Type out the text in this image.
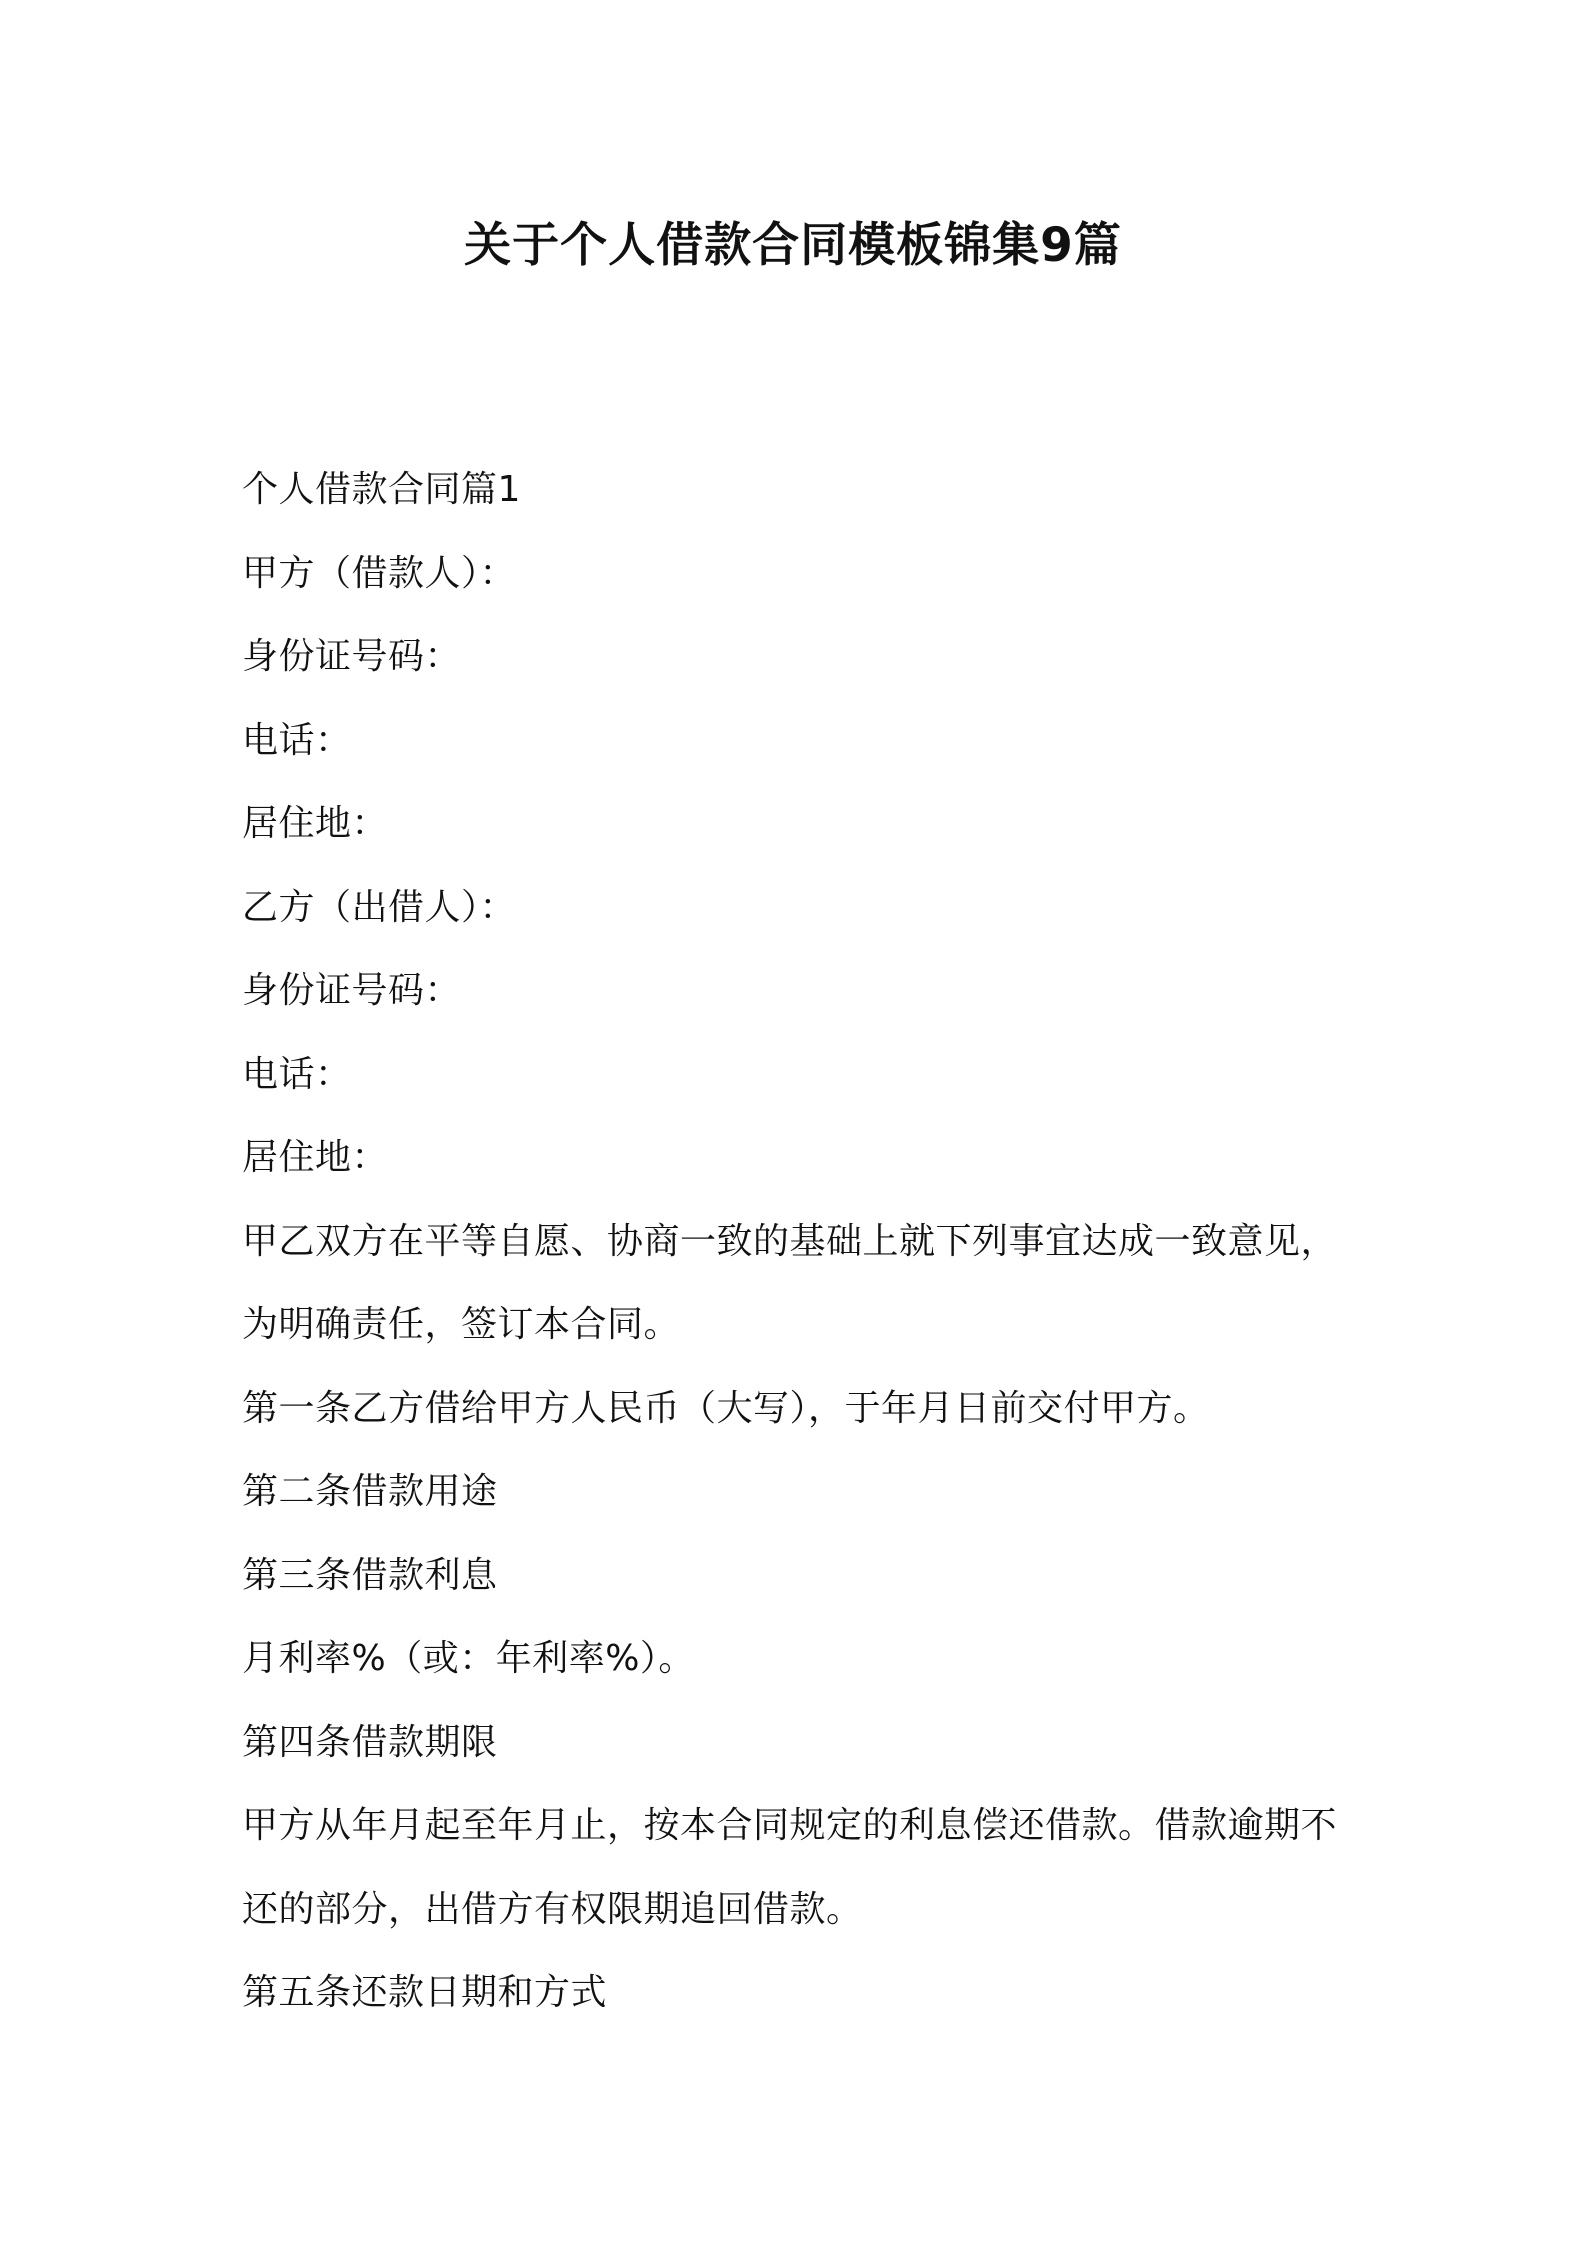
关于个人借款合同模板锦集9篇
个人借款合同篇1
甲方（借款人）：
身份证号码：
电话：
居住地：
乙方（出借人）：
身份证号码：
电话：
居住地：
甲乙双方在平等自愿、协商一致的基础上就下列事宜达成一致意见，
为明确责任，签订本合同。
第一条乙方借给甲方人民币（大写），于年月日前交付甲方。
第二条借款用途
第三条借款利息
月利率%（或：年利率%）。
第四条借款期限
甲方从年月起至年月止，按本合同规定的利息偿还借款。借款逾期不
还的部分，出借方有权限期追回借款。
第五条还款日期和方式
